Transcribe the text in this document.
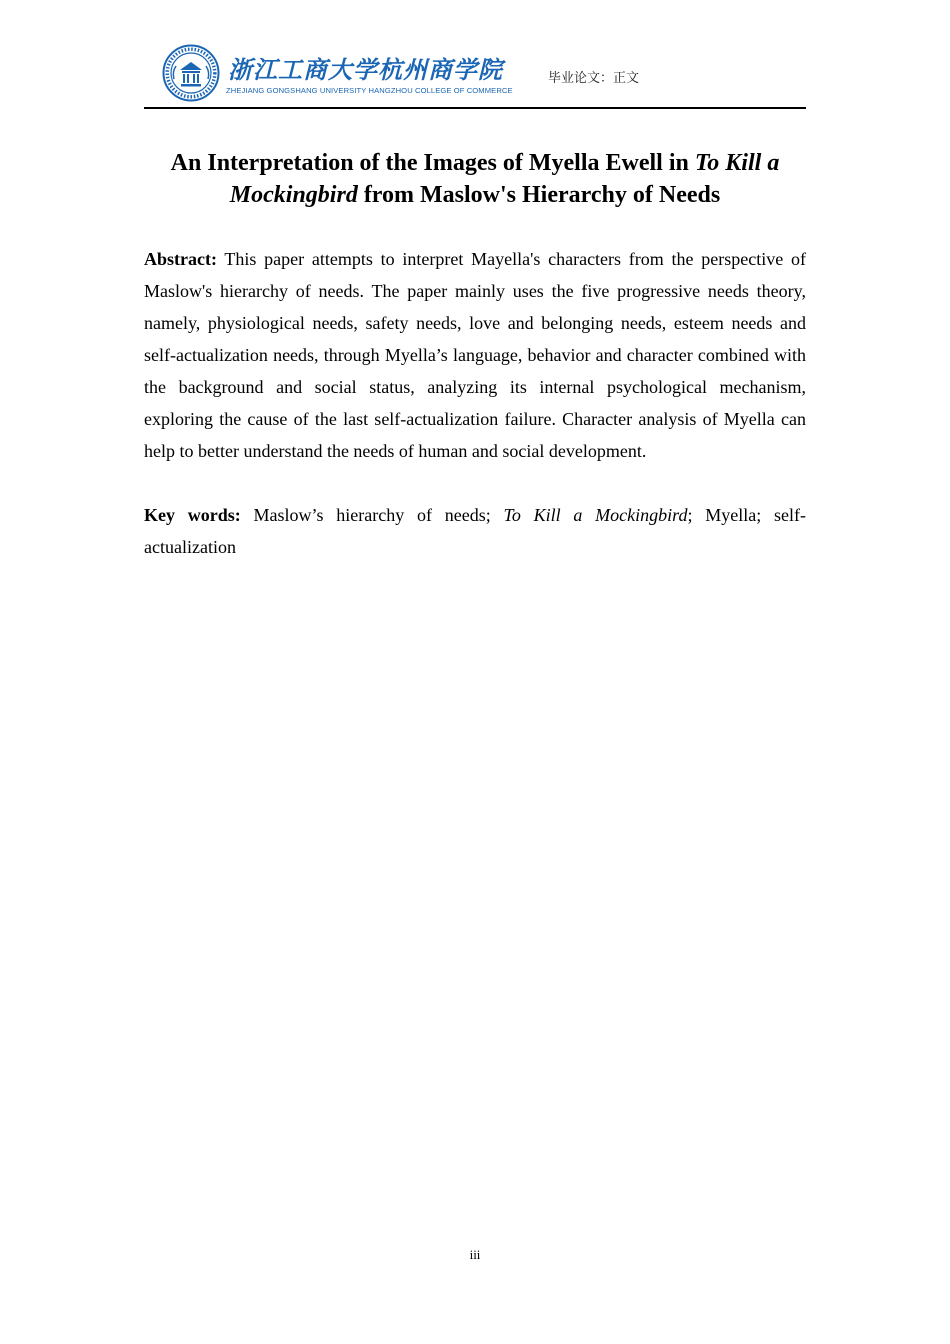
浙江工商大学杭州商学院
ZHEJIANG GONGSHANG UNIVERSITY HANGZHOU COLLEGE OF COMMERCE
毕业论文：正文
An Interpretation of the Images of Myella Ewell in To Kill a Mockingbird from Maslow's Hierarchy of Needs

Abstract: This paper attempts to interpret Mayella's characters from the perspective of Maslow's hierarchy of needs. The paper mainly uses the five progressive needs theory, namely, physiological needs, safety needs, love and belonging needs, esteem needs and self-actualization needs, through Myella’s language, behavior and character combined with the background and social status, analyzing its internal psychological mechanism, exploring the cause of the last self-actualization failure. Character analysis of Myella can help to better understand the needs of human and social development.

Key words: Maslow’s hierarchy of needs; To Kill a Mockingbird; Myella; self-actualization

iii
